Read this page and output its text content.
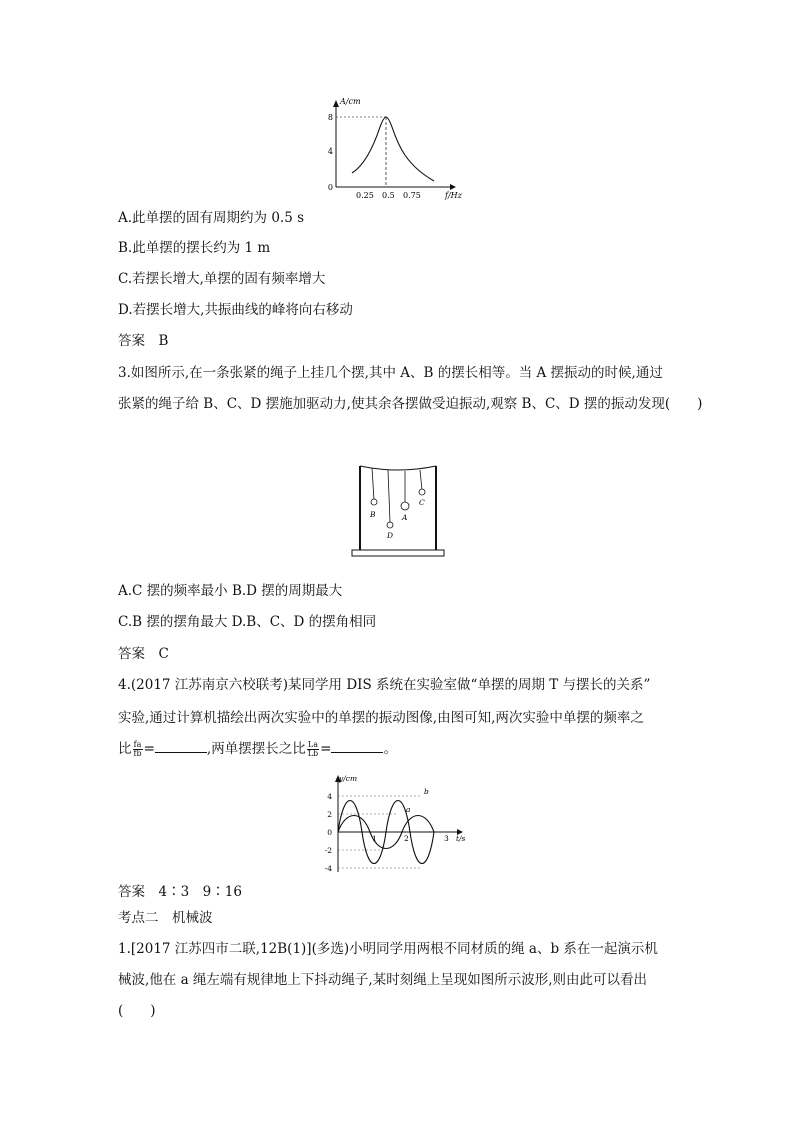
A/cm
8
4
0
0.25 0.5 0.75	f/Hz
A.此单摆的固有周期约为 0.5 s
B.此单摆的摆长约为 1 m
C.若摆长增大,单摆的固有频率增大
D.若摆长增大,共振曲线的峰将向右移动
答案　B
3.如图所示,在一条张紧的绳子上挂几个摆,其中 A、B 的摆长相等。当 A 摆振动的时候,通过
张紧的绳子给 B、C、D 摆施加驱动力,使其余各摆做受迫振动,观察 B、C、D 摆的振动发现(　　)
B
D
A
C
A.C 摆的频率最小 B.D 摆的周期最大
C.B 摆的摆角最大 D.B、C、D 的摆角相同
答案　C
4.(2017 江苏南京六校联考)某同学用 DIS 系统在实验室做“单摆的周期 T 与摆长的关系”
实验,通过计算机描绘出两次实验中的单摆的振动图像,由图可知,两次实验中单摆的频率之
比 $\frac{fa}{fb}$ =	,两单摆摆长之比 $\frac{La}{Lb}$ =	。
y/cm
4
2
0
-2
-4
1	2	3 t/s
a
b
答案　4∶3　9∶16
考点二　机械波
1.[2017 江苏四市二联,12B(1)](多选)小明同学用两根不同材质的绳 a、b 系在一起演示机
械波,他在 a 绳左端有规律地上下抖动绳子,某时刻绳上呈现如图所示波形,则由此可以看出
(　　)
